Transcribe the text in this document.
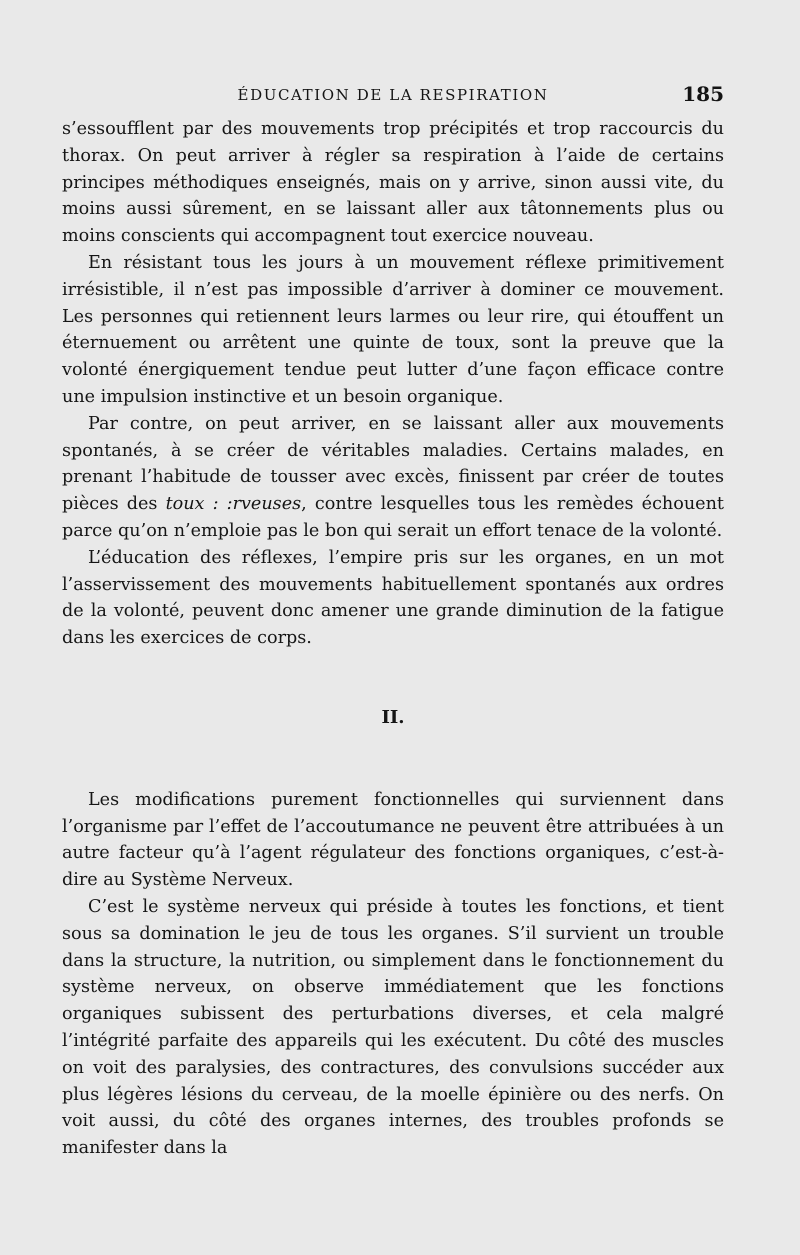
ÉDUCATION DE LA RESPIRATION	185

s’essoufflent par des mouvements trop précipités et trop raccourcis du thorax. On peut arriver à régler sa respiration à l’aide de certains principes méthodiques enseignés, mais on y arrive, sinon aussi vite, du moins aussi sûrement, en se laissant aller aux tâtonnements plus ou moins conscients qui accompagnent tout exercice nouveau.

En résistant tous les jours à un mouvement réflexe primitivement irrésistible, il n’est pas impossible d’arriver à dominer ce mouvement. Les personnes qui retiennent leurs larmes ou leur rire, qui étouffent un éternuement ou arrêtent une quinte de toux, sont la preuve que la volonté énergiquement tendue peut lutter d’une façon efficace contre une impulsion instinctive et un besoin organique.

Par contre, on peut arriver, en se laissant aller aux mouvements spontanés, à se créer de véritables maladies. Certains malades, en prenant l’habitude de tousser avec excès, finissent par créer de toutes pièces des toux : :rveuses, contre lesquelles tous les remèdes échouent parce qu’on n’emploie pas le bon qui serait un effort tenace de la volonté.

L’éducation des réflexes, l’empire pris sur les organes, en un mot l’asservissement des mouvements habituellement spontanés aux ordres de la volonté, peuvent donc amener une grande diminution de la fatigue dans les exercices de corps.

II.

Les modifications purement fonctionnelles qui surviennent dans l’organisme par l’effet de l’accoutumance ne peuvent être attribuées à un autre facteur qu’à l’agent régulateur des fonctions organiques, c’est-à-dire au Système Nerveux.

C’est le système nerveux qui préside à toutes les fonctions, et tient sous sa domination le jeu de tous les organes. S’il survient un trouble dans la structure, la nutrition, ou simplement dans le fonctionnement du système nerveux, on observe immédiatement que les fonctions organiques subissent des perturbations diverses, et cela malgré l’intégrité parfaite des appareils qui les exécutent. Du côté des muscles on voit des paralysies, des contractures, des convulsions succéder aux plus légères lésions du cerveau, de la moelle épinière ou des nerfs. On voit aussi, du côté des organes internes, des troubles profonds se manifester dans la
